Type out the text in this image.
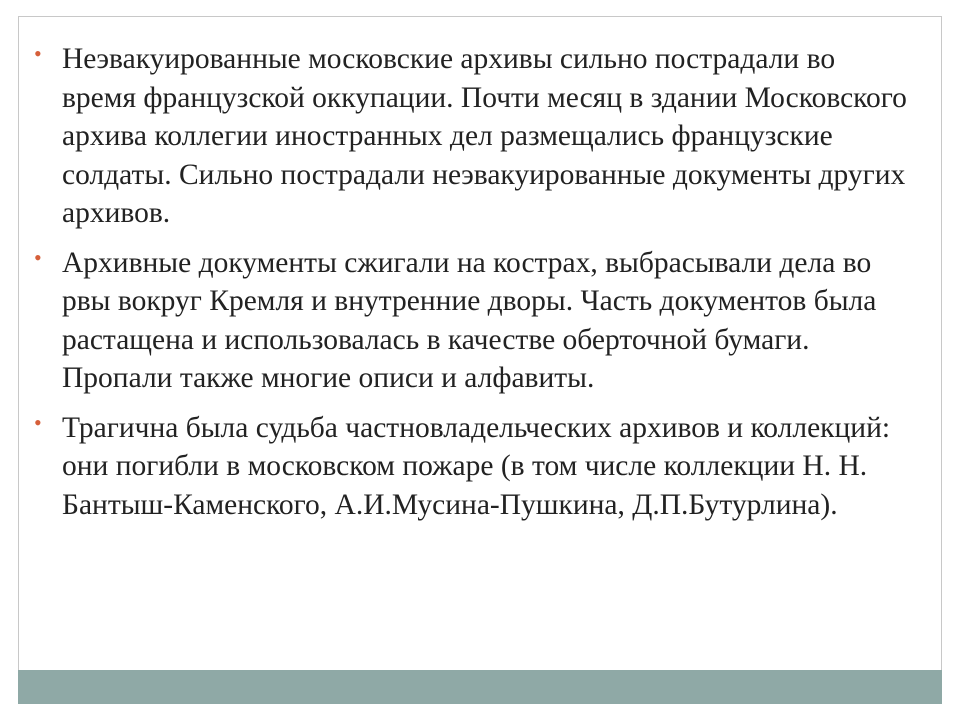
• Неэвакуированные московские архивы сильно пострадали во время французской оккупации. Почти месяц в здании Московского архива коллегии иностранных дел размещались французские солдаты. Сильно пострадали неэвакуированные документы других архивов.
• Архивные документы сжигали на кострах, выбрасывали дела во рвы вокруг Кремля и внутренние дворы. Часть документов была растащена и использовалась в качестве оберточной бумаги. Пропали также многие описи и алфавиты.
• Трагична была судьба частновладельческих архивов и коллекций: они погибли в московском пожаре (в том числе коллекции Н. Н. Бантыш-Каменского, А.И.Мусина-Пушкина, Д.П.Бутурлина).
